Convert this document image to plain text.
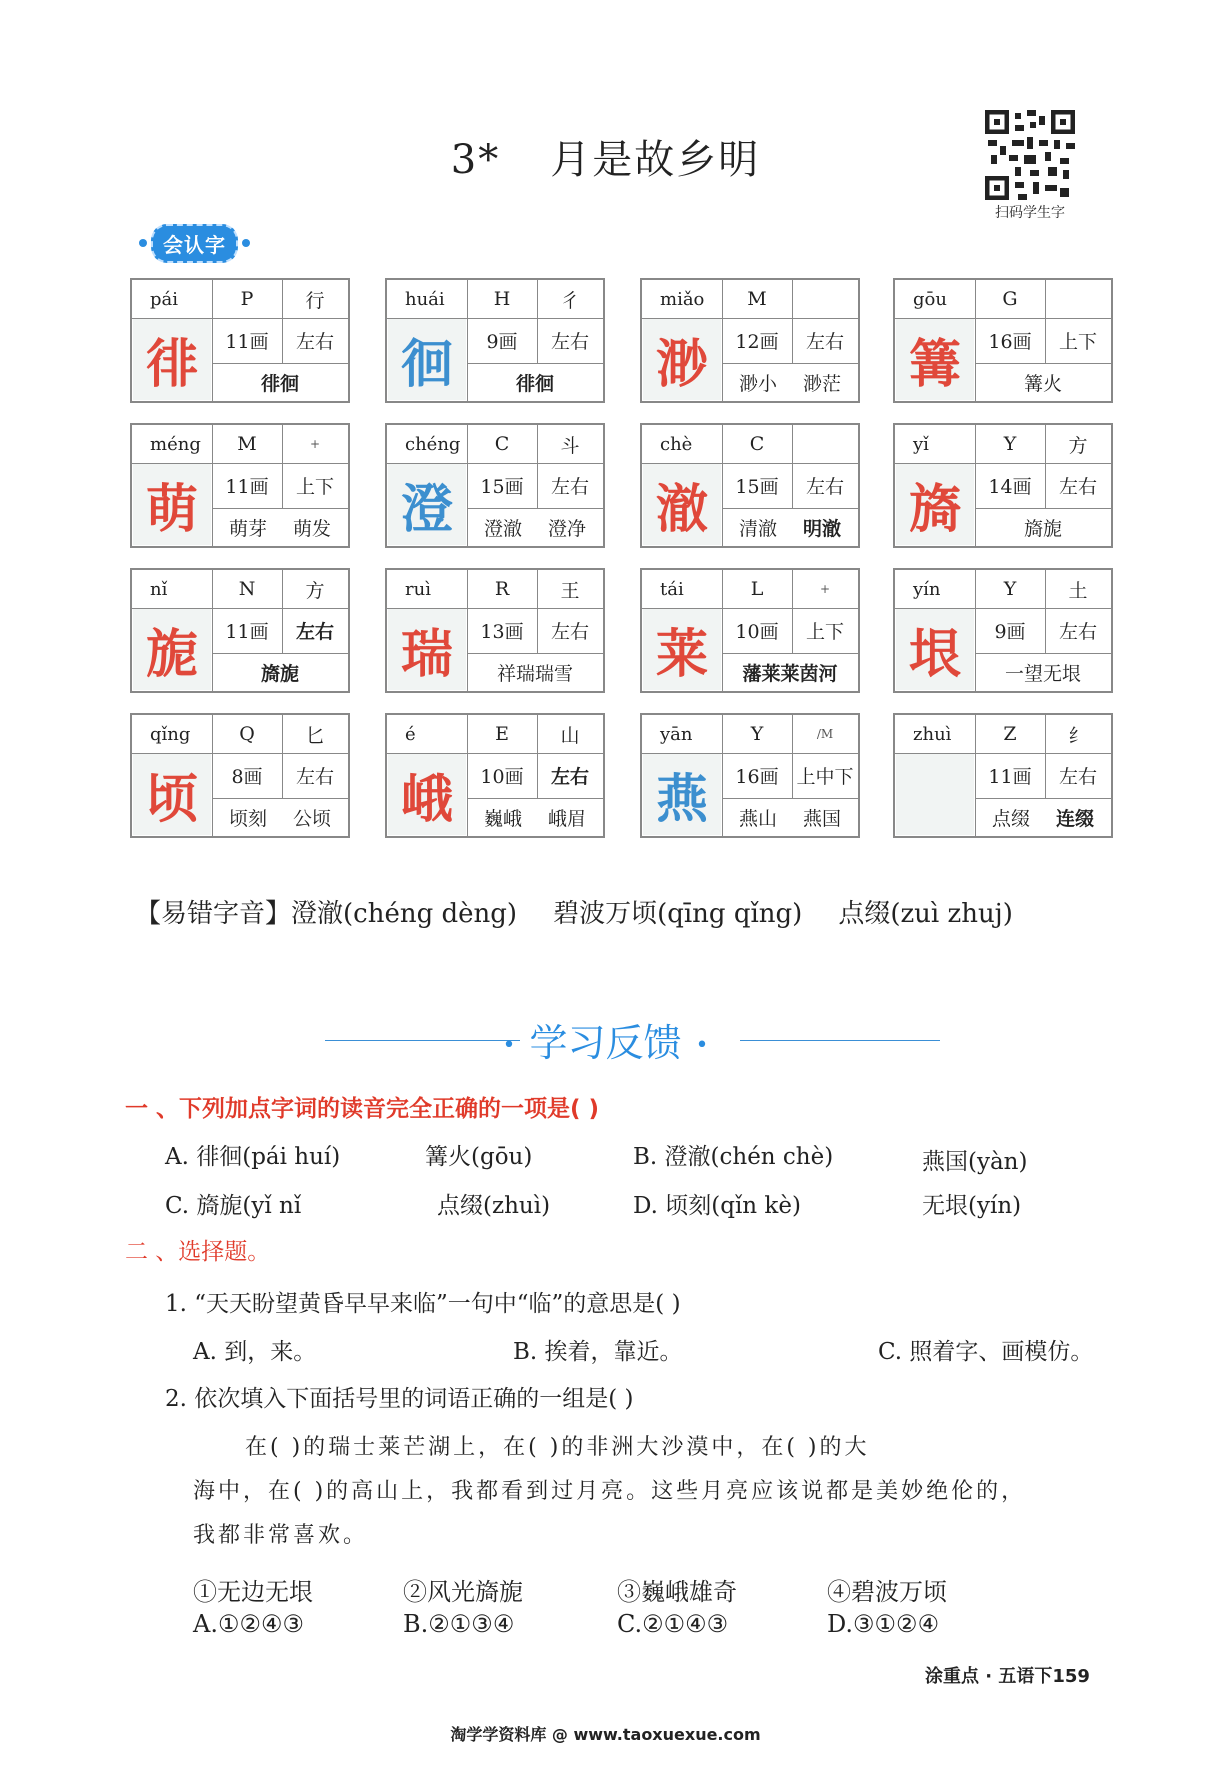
3* 月是故乡明
扫码学生字
会认字
pái	P	行
徘	11画	左右
徘徊
huái	H	彳
徊	9画	左右
徘徊
miǎo	M
渺	12画	左右
渺小 渺茫
gōu	G
篝	16画	上下
篝火
méng	M	+
萌	11画	上下
萌芽 萌发
chéng	C	斗
澄	15画	左右
澄澈 澄净
chè	C
澈	15画	左右
清澈 明澈
yǐ	Y	方
旖	14画	左右
旖旎
nǐ	N	方
旎	11画	左右
旖旎
ruì	R	王
瑞	13画	左右
祥瑞瑞雪
tái	L	+
莱	10画	上下
藩莱莱茵河
yín	Y	土
垠	9画	左右
一望无垠
qǐng	Q	匕
顷	8画	左右
顷刻 公顷
é	E	山
峨	10画	左右
巍峨 峨眉
yān	Y	/M
燕	16画 上中下
燕山 燕国
zhuì	Z	纟
11画	左右
点缀 连缀
【易错字音】澄澈(chéng dèng) 碧波万顷(qīng qǐng) 点缀(zuì zhuj)
• 学习反馈 •
一 、下列加点字词的读音完全正确的一项是( )
A. 徘徊(pái huí)	篝火(gōu)	B. 澄澈(chén chè)	燕国(yàn)
C. 旖旎(yǐ nǐ	点缀(zhuì)	D. 顷刻(qǐn kè)	无垠(yín)
二 、选择题。
1. “天天盼望黄昏早早来临”一句中“临”的意思是( )
A. 到，来。	B. 挨着，靠近。	C. 照着字、画模仿。
2. 依次填入下面括号里的词语正确的一组是( )
在( )的瑞士莱芒湖上，在( )的非洲大沙漠中，在( )的大
海中，在( )的高山上，我都看到过月亮。这些月亮应该说都是美妙绝伦的，
我都非常喜欢。
①无边无垠	②风光旖旎	③巍峨雄奇	④碧波万顷
A.①②④③	B.②①③④	C.②①④③	D.③①②④
涂重点 · 五语下159
淘学学资料库 @ www.taoxuexue.com
